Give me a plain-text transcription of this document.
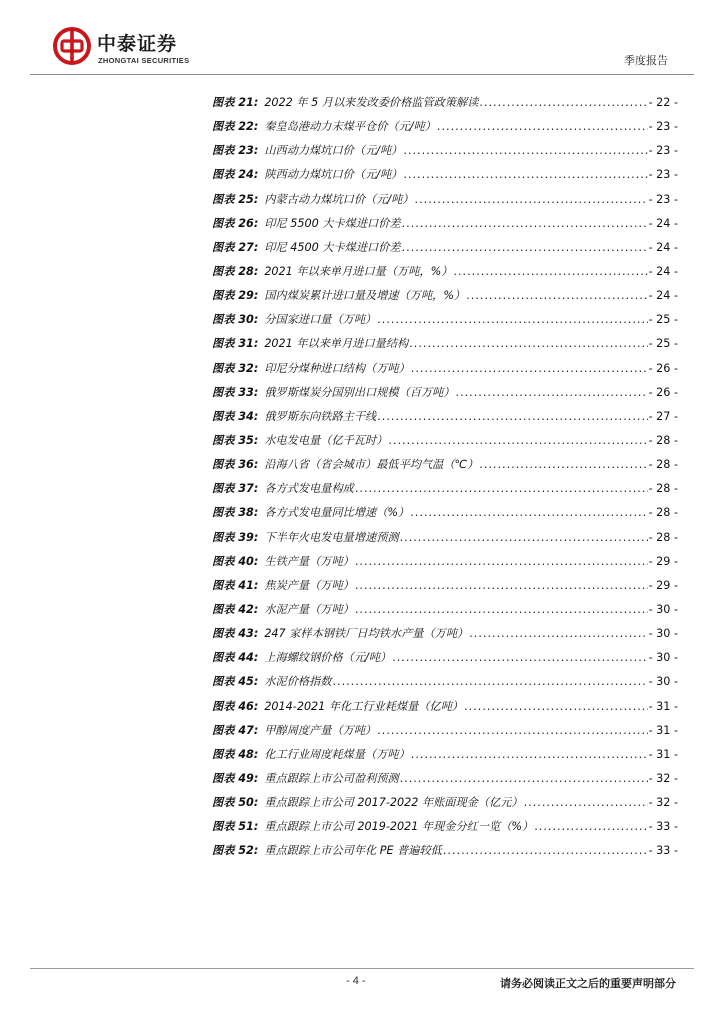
中泰证券
ZHONGTAI SECURITIES	季度报告
图表 21: 2022 年 5 月以来发改委价格监管政策解读 .....	- 22 -
图表 22: 秦皇岛港动力末煤平仓价（元/吨） .....	- 23 -
图表 23: 山西动力煤坑口价（元/吨） .....	- 23 -
图表 24: 陕西动力煤坑口价（元/吨） .....	- 23 -
图表 25: 内蒙古动力煤坑口价（元/吨） .....	- 23 -
图表 26: 印尼 5500 大卡煤进口价差 .....	- 24 -
图表 27: 印尼 4500 大卡煤进口价差 .....	- 24 -
图表 28: 2021 年以来单月进口量（万吨，%） .....	- 24 -
图表 29: 国内煤炭累计进口量及增速（万吨，%） .....	- 24 -
图表 30: 分国家进口量（万吨） .....	- 25 -
图表 31: 2021 年以来单月进口量结构 .....	- 25 -
图表 32: 印尼分煤种进口结构（万吨） .....	- 26 -
图表 33: 俄罗斯煤炭分国别出口规模（百万吨） .....	- 26 -
图表 34: 俄罗斯东向铁路主干线 .....	- 27 -
图表 35: 水电发电量（亿千瓦时） .....	- 28 -
图表 36: 沿海八省（省会城市）最低平均气温（℃） .....	- 28 -
图表 37: 各方式发电量构成 .....	- 28 -
图表 38: 各方式发电量同比增速（%） .....	- 28 -
图表 39: 下半年火电发电量增速预测 .....	- 28 -
图表 40: 生铁产量（万吨） .....	- 29 -
图表 41: 焦炭产量（万吨） .....	- 29 -
图表 42: 水泥产量（万吨） .....	- 30 -
图表 43: 247 家样本钢铁厂日均铁水产量（万吨） .....	- 30 -
图表 44: 上海螺纹钢价格（元/吨） .....	- 30 -
图表 45: 水泥价格指数 .....	- 30 -
图表 46: 2014-2021 年化工行业耗煤量（亿吨） .....	- 31 -
图表 47: 甲醇周度产量（万吨） .....	- 31 -
图表 48: 化工行业周度耗煤量（万吨） .....	- 31 -
图表 49: 重点跟踪上市公司盈利预测 .....	- 32 -
图表 50: 重点跟踪上市公司 2017-2022 年账面现金（亿元） .....	- 32 -
图表 51: 重点跟踪上市公司 2019-2021 年现金分红一览（%） .....	- 33 -
图表 52: 重点跟踪上市公司年化 PE 普遍较低 .....	- 33 -
- 4 -	请务必阅读正文之后的重要声明部分
